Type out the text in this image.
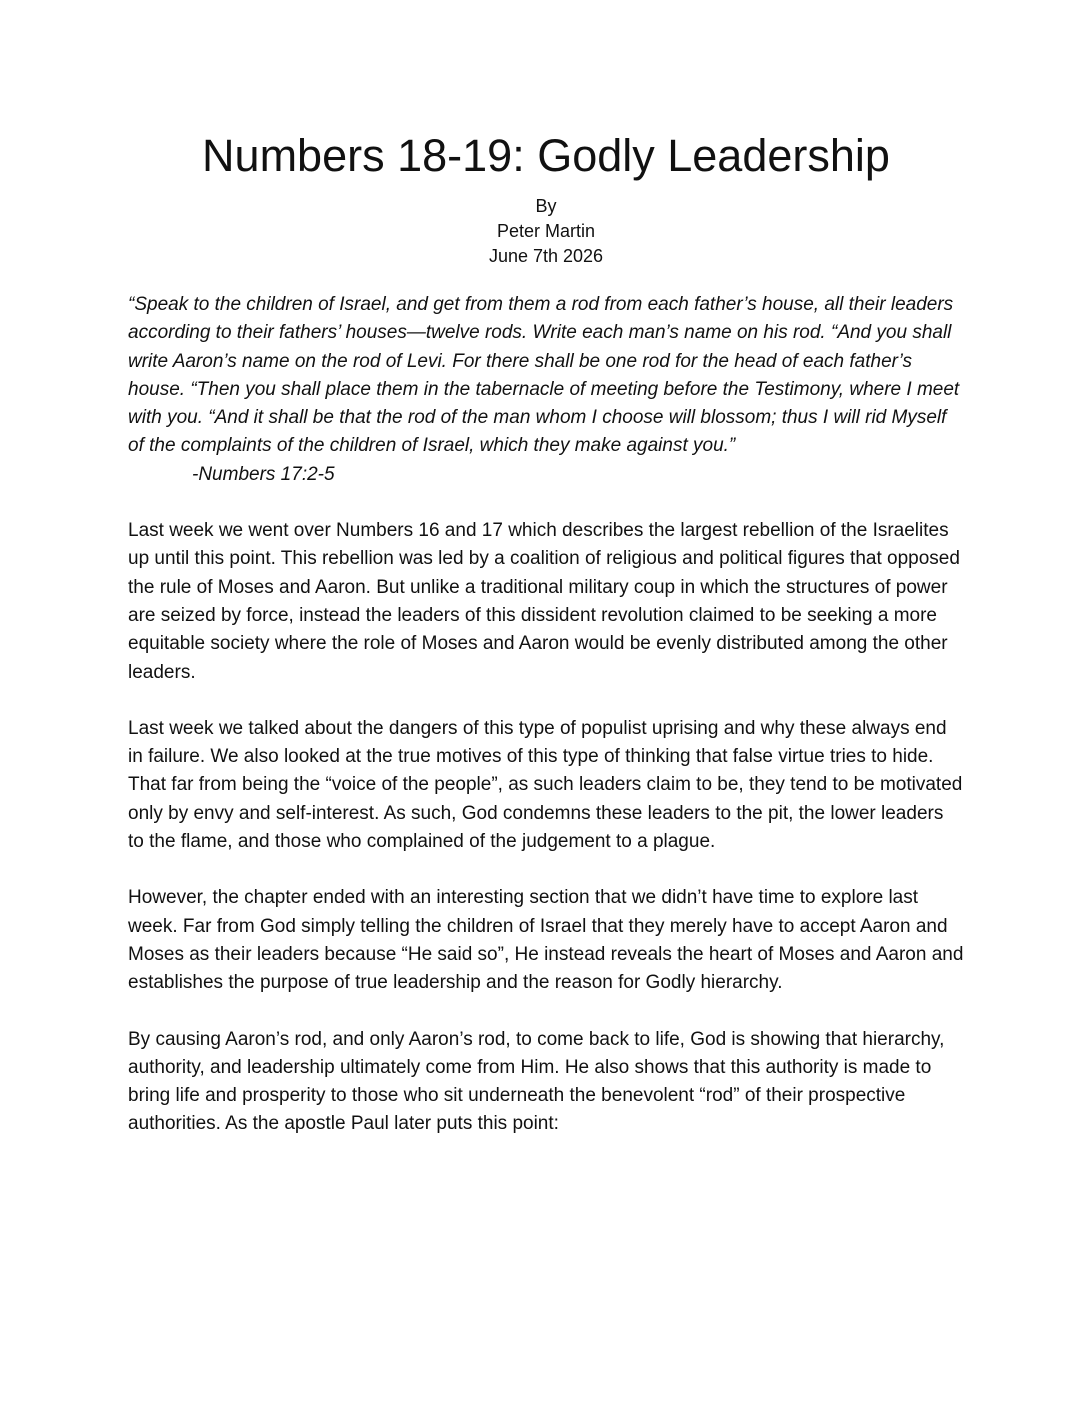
Numbers 18-19: Godly Leadership
By
Peter Martin
June 7th 2026

“Speak to the children of Israel, and get from them a rod from each father’s house, all their leaders according to their fathers’ houses—twelve rods. Write each man’s name on his rod. “And you shall write Aaron’s name on the rod of Levi. For there shall be one rod for the head of each father’s house. “Then you shall place them in the tabernacle of meeting before the Testimony, where I meet with you. “And it shall be that the rod of the man whom I choose will blossom; thus I will rid Myself of the complaints of the children of Israel, which they make against you.”

-Numbers 17:2-5

Last week we went over Numbers 16 and 17 which describes the largest rebellion of the Israelites up until this point. This rebellion was led by a coalition of religious and political figures that opposed the rule of Moses and Aaron. But unlike a traditional military coup in which the structures of power are seized by force, instead the leaders of this dissident revolution claimed to be seeking a more equitable society where the role of Moses and Aaron would be evenly distributed among the other leaders.

Last week we talked about the dangers of this type of populist uprising and why these always end in failure. We also looked at the true motives of this type of thinking that false virtue tries to hide. That far from being the “voice of the people”, as such leaders claim to be, they tend to be motivated only by envy and self-interest. As such, God condemns these leaders to the pit, the lower leaders to the flame, and those who complained of the judgement to a plague.

However, the chapter ended with an interesting section that we didn’t have time to explore last week. Far from God simply telling the children of Israel that they merely have to accept Aaron and Moses as their leaders because “He said so”, He instead reveals the heart of Moses and Aaron and establishes the purpose of true leadership and the reason for Godly hierarchy.

By causing Aaron’s rod, and only Aaron’s rod, to come back to life, God is showing that hierarchy, authority, and leadership ultimately come from Him. He also shows that this authority is made to bring life and prosperity to those who sit underneath the benevolent “rod” of their prospective authorities. As the apostle Paul later puts this point:
